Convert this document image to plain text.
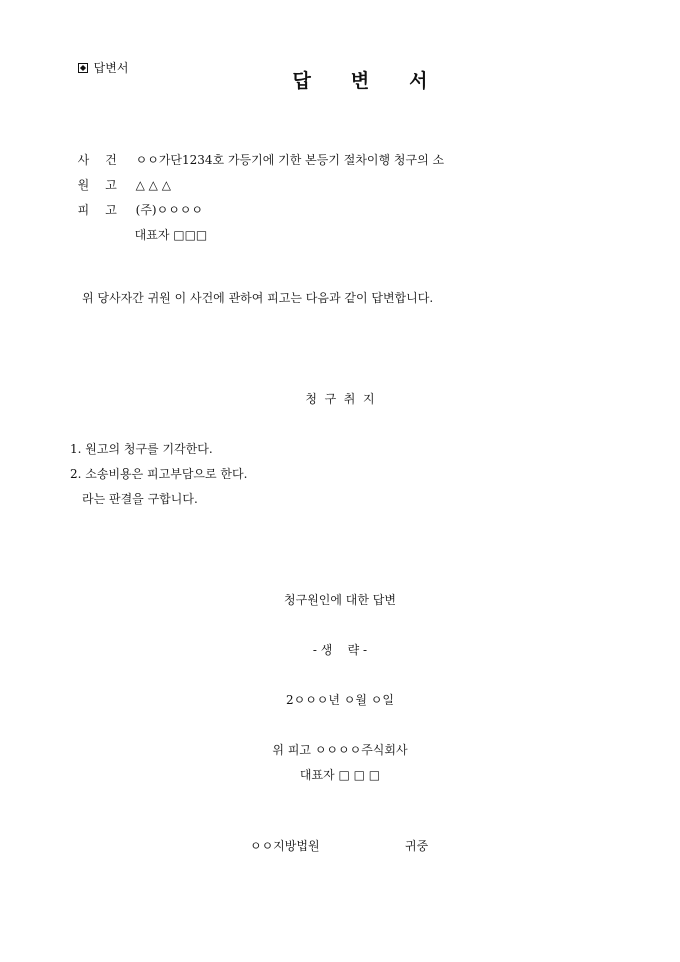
답변서

답변서

사건 ㅇㅇ가단1234호 가등기에 기한 본등기 절차이행 청구의 소

원고 △ △ △

피고 (주)ㅇㅇㅇㅇ

대표자 □□□

위 당사자간 귀원 이 사건에 관하여 피고는 다음과 같이 답변합니다.
청  구  취  지
1. 원고의 청구를 기각한다.
2. 소송비용은 피고부담으로 한다.
라는 판결을 구합니다.
청구원인에 대한 답변
- 생    략 -
2ㅇㅇㅇ년 ㅇ월 ㅇ일
위 피고 ㅇㅇㅇㅇ주식회사
대표자 □ □ □
ㅇㅇ지방법원	귀중
